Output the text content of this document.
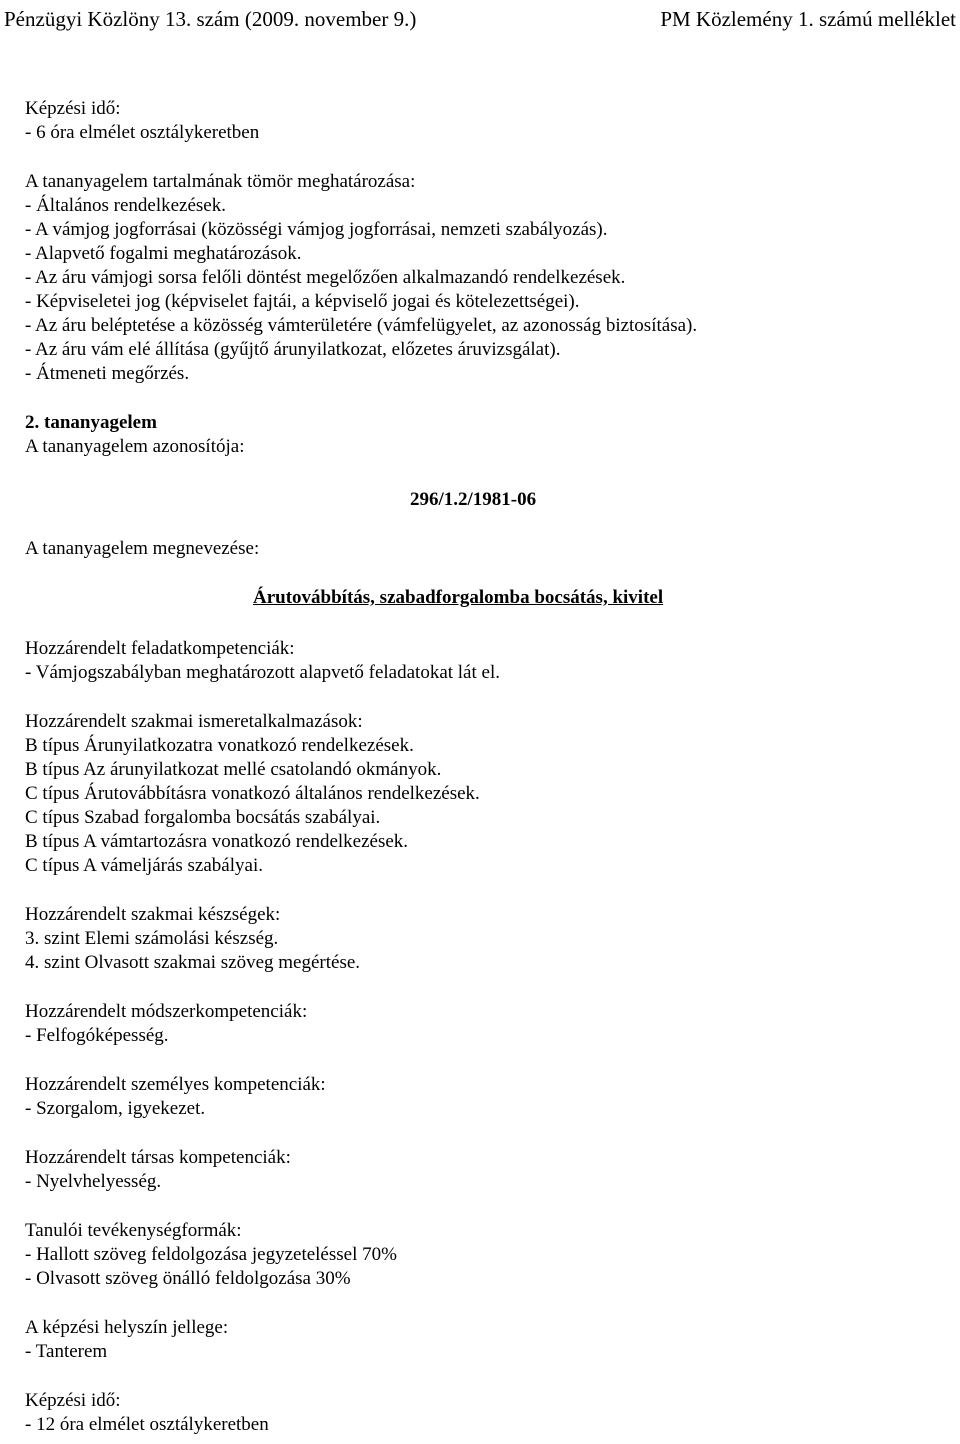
Pénzügyi Közlöny 13. szám (2009. november 9.)	PM Közlemény 1. számú melléklet
Képzési idő:
- 6 óra elmélet osztálykeretben
A tananyagelem tartalmának tömör meghatározása:
- Általános rendelkezések.
- A vámjog jogforrásai (közösségi vámjog jogforrásai, nemzeti szabályozás).
- Alapvető fogalmi meghatározások.
- Az áru vámjogi sorsa felőli döntést megelőzően alkalmazandó rendelkezések.
- Képviseletei jog (képviselet fajtái, a képviselő jogai és kötelezettségei).
- Az áru beléptetése a közösség vámterületére (vámfelügyelet, az azonosság biztosítása).
- Az áru vám elé állítása (gyűjtő árunyilatkozat, előzetes áruvizsgálat).
- Átmeneti megőrzés.
2. tananyagelem
A tananyagelem azonosítója:
296/1.2/1981-06
A tananyagelem megnevezése:
Árutovábbítás, szabadforgalomba bocsátás, kivitel
Hozzárendelt feladatkompetenciák:
- Vámjogszabályban meghatározott alapvető feladatokat lát el.
Hozzárendelt szakmai ismeretalkalmazások:
B típus Árunyilatkozatra vonatkozó rendelkezések.
B típus Az árunyilatkozat mellé csatolandó okmányok.
C típus Árutovábbításra vonatkozó általános rendelkezések.
C típus Szabad forgalomba bocsátás szabályai.
B típus A vámtartozásra vonatkozó rendelkezések.
C típus A vámeljárás szabályai.
Hozzárendelt szakmai készségek:
3. szint Elemi számolási készség.
4. szint Olvasott szakmai szöveg megértése.
Hozzárendelt módszerkompetenciák:
- Felfogóképesség.
Hozzárendelt személyes kompetenciák:
- Szorgalom, igyekezet.
Hozzárendelt társas kompetenciák:
- Nyelvhelyesség.
Tanulói tevékenységformák:
- Hallott szöveg feldolgozása jegyzeteléssel 70%
- Olvasott szöveg önálló feldolgozása 30%
A képzési helyszín jellege:
- Tanterem
Képzési idő:
- 12 óra elmélet osztálykeretben
